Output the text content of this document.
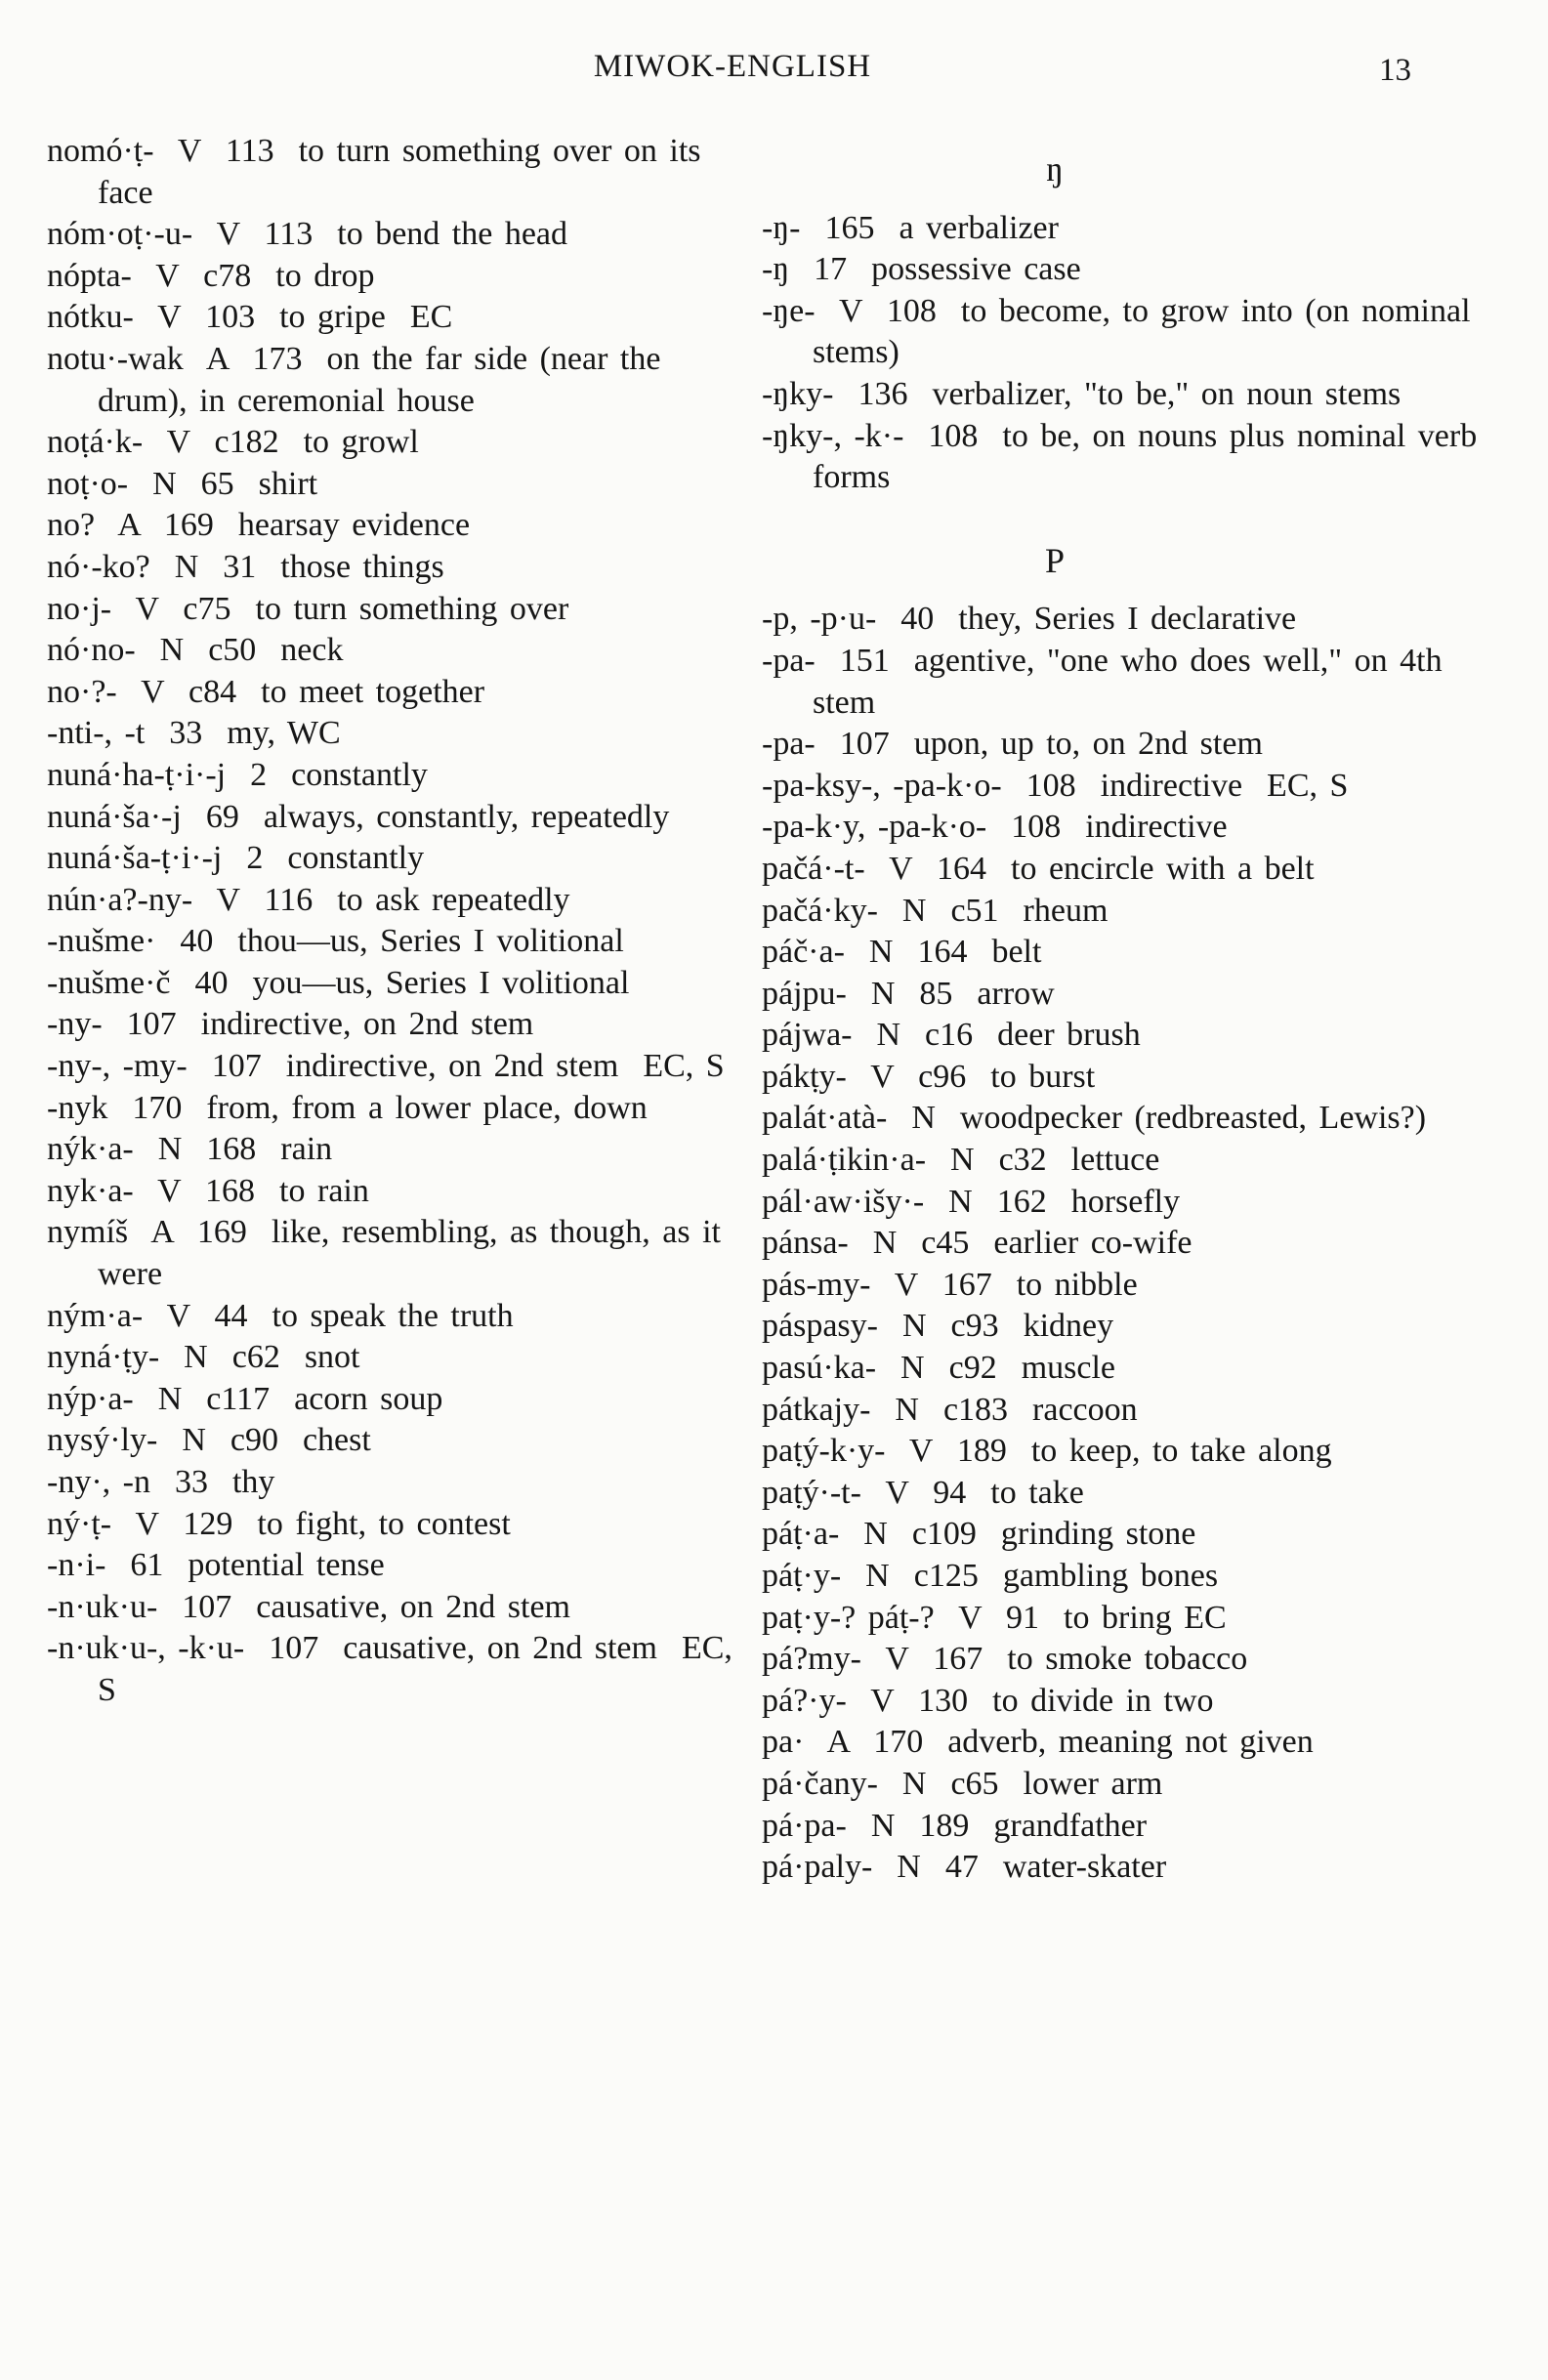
MIWOK-ENGLISH	13
nomó·ṭ-  V  113  to turn something over on its face
nóm·oṭ·-u-  V  113  to bend the head
nópta-  V  c78  to drop
nótku-  V  103  to gripe  EC
notu·-wak  A  173  on the far side (near the drum), in ceremonial house
noṭá·k-  V  c182  to growl
noṭ·o-  N  65  shirt
no?  A  169  hearsay evidence
nó·-ko?  N  31  those things
no·j-  V  c75  to turn something over
nó·no-  N  c50  neck
no·?-  V  c84  to meet together
-nti-, -t  33  my, WC
nuná·ha-ṭ·i·-j  2  constantly
nuná·ša·-j  69  always, constantly, repeatedly
nuná·ša-ṭ·i·-j  2  constantly
nún·a?-ny-  V  116  to ask repeatedly
-nušme·  40  thou—us, Series I volitional
-nušme·č  40  you—us, Series I volitional
-ny-  107  indirective, on 2nd stem
-ny-, -my-  107  indirective, on 2nd stem  EC, S
-nyk  170  from, from a lower place, down
nýk·a-  N  168  rain
nyk·a-  V  168  to rain
nymíš  A  169  like, resembling, as though, as it were
ným·a-  V  44  to speak the truth
nyná·ṭy-  N  c62  snot
nýp·a-  N  c117  acorn soup
nysý·ly-  N  c90  chest
-ny·, -n  33  thy
ný·ṭ-  V  129  to fight, to contest
-n·i-  61  potential tense
-n·uk·u-  107  causative, on 2nd stem
-n·uk·u-, -k·u-  107  causative, on 2nd stem  EC, S
ŋ
-ŋ-  165  a verbalizer
-ŋ  17  possessive case
-ŋe-  V  108  to become, to grow into (on nominal stems)
-ŋky-  136  verbalizer, "to be," on noun stems
-ŋky-, -k·-  108  to be, on nouns plus nominal verb forms
P
-p, -p·u-  40  they, Series I declarative
-pa-  151  agentive, "one who does well," on 4th stem
-pa-  107  upon, up to, on 2nd stem
-pa-ksy-, -pa-k·o-  108  indirective  EC, S
-pa-k·y, -pa-k·o-  108  indirective
pačá·-t-  V  164  to encircle with a belt
pačá·ky-  N  c51  rheum
páč·a-  N  164  belt
pájpu-  N  85  arrow
pájwa-  N  c16  deer brush
pákṭy-  V  c96  to burst
palát·atà-  N  woodpecker (redbreasted, Lewis?)
palá·ṭikin·a-  N  c32  lettuce
pál·aw·išy·-  N  162  horsefly
pánsa-  N  c45  earlier co-wife
pás-my-  V  167  to nibble
páspasy-  N  c93  kidney
pasú·ka-  N  c92  muscle
pátkajy-  N  c183  raccoon
paṭý-k·y-  V  189  to keep, to take along
paṭý·-t-  V  94  to take
páṭ·a-  N  c109  grinding stone
páṭ·y-  N  c125  gambling bones
paṭ·y-? páṭ-?  V  91  to bring EC
pá?my-  V  167  to smoke tobacco
pá?·y-  V  130  to divide in two
pa·  A  170  adverb, meaning not given
pá·čany-  N  c65  lower arm
pá·pa-  N  189  grandfather
pá·paly-  N  47  water-skater
